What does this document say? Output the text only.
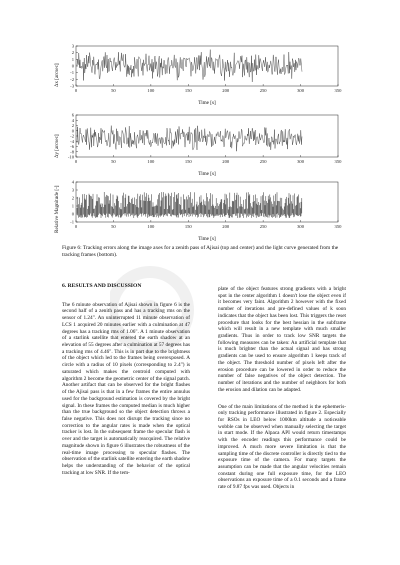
Δx [arcsec]
3
2
1
0
-1
-2
-3
0	50	100	150	200	250	300	350
Time [s]
Δy [arcsec]
6
4
2
0
-2
-4
-6
-8
-10
0	50	100	150	200	250	300	350
Time [s]
Relative Magnitude [-]
4
3
2
1
0
-1
0	50	100	150	200	250	300	350
Time [s]
Figure 6: Tracking errors along the image axes for a zenith pass of Ajisai (top and center) and the light curve generated from the tracking frames (bottom).

6. RESULTS AND DISCUSSION

The 6 minute observation of Ajisai shown in figure 6 is the second half of a zenith pass and has a tracking rms on the sensor of 1.24". An uninterrupted 11 minute observation of LCS 1 acquired 20 minutes earlier with a culmination at 47 degrees has a tracking rms of 1.06". A 1 minute observation of a starlink satellite that entered the earth shadow at an elevation of 55 degrees after a culmination at 57 degrees has a tracking rms of 4.46". This is in part due to the brightness of the object which led to the frames being overexposed. A circle with a radius of 10 pixels (corresponding to 2.4") is saturated which makes the centroid computed with algorithm 2 become the geometric center of the signal patch. Another artifact that can be observed for the bright flashes of the Ajisai pass is that in a few frames the entire annulus used for the background estimation is covered by the bright signal. In these frames the computed median is much higher than the true background so the object detection throws a false negative. This does not disrupt the tracking since no correction to the angular rates is made when the optical tracker is lost. In the subsequent frame the specular flash is over and the target is automatically reacquired. The relative magnitude shown in figure 6 illustrates the robustness of the real-time image processing to specular flashes. The observation of the starlink satellite entering the earth shadow helps the understanding of the behavior of the optical tracking at low SNR. If the tem-

plate of the object features strong gradients with a bright spot in the center algorithm 1 doesn't lose the object even if it becomes very faint. Algorithm 2 however with the fixed number of iterations and pre-defined values of k soon indicates that the object has been lost. This triggers the reset procedure that looks for the best hessian in the subframe which will result in a new template with much smaller gradients. Thus in order to track low SNR targets the following measures can be taken: An artificial template that is much brighter than the actual signal and has strong gradients can be used to ensure algorithm 1 keeps track of the object. The threshold number of pixels left after the erosion procedure can be lowered in order to reduce the number of false negatives of the object detection. The number of iterations and the number of neighbors for both the erosion and dilation can be adapted.

One of the main limitations of the method is the ephemeris-only tracking performance illustrated in figure 2. Especially for RSOs in LEO below 1000km altitude a noticeable wobble can be observed when manually selecting the target in start mode. If the Alpaca API would return timestamps with the encoder readings this performance could be improved. A much more severe limitation is that the sampling time of the discrete controller is directly tied to the exposure time of the camera. For many targets the assumption can be made that the angular velocities remain constant during one full exposure time, for the LEO observations an exposure time of a 0.1 seconds and a frame rate of 9.87 fps was used. Objects in
